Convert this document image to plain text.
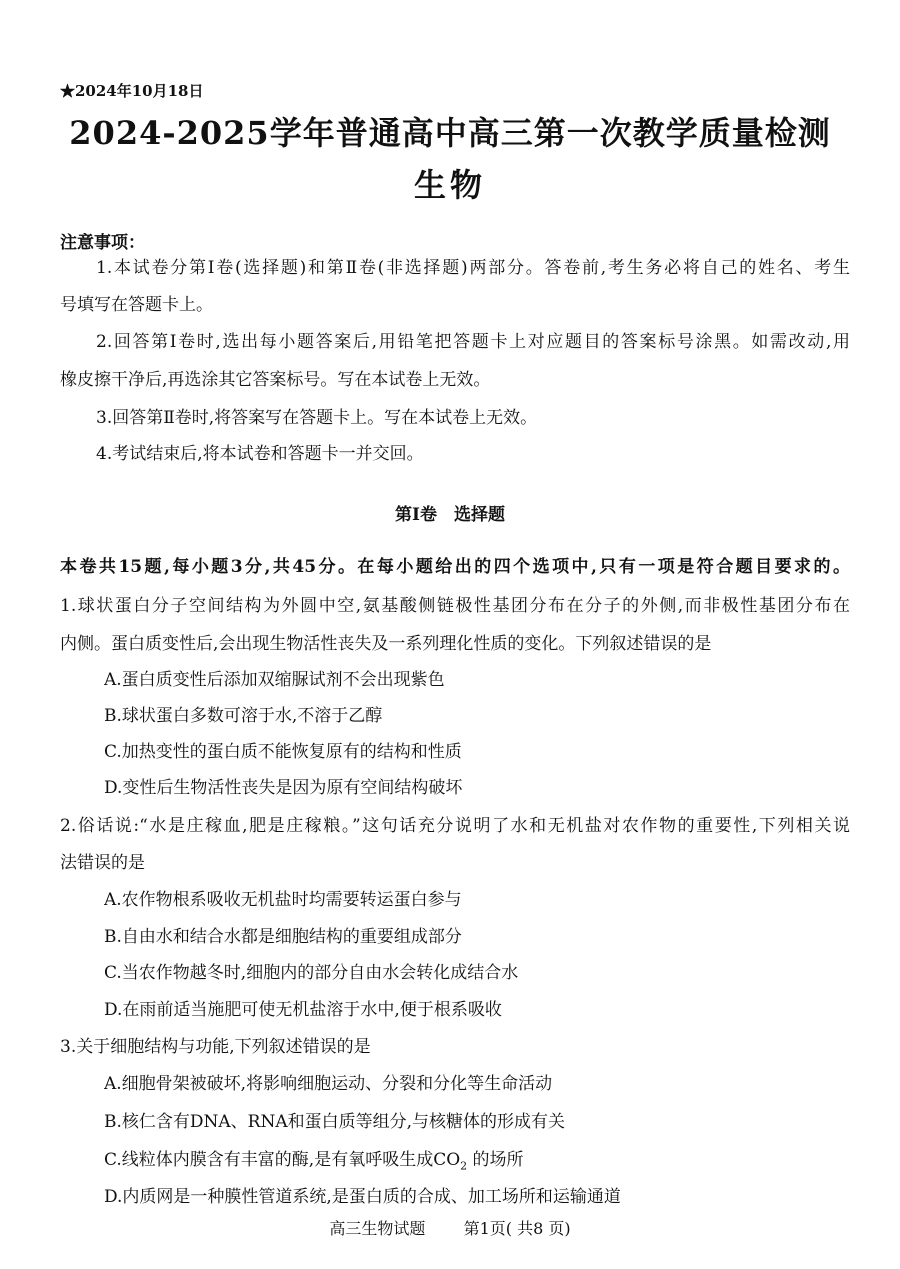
★2024年10月18日
2024-2025学年普通高中高三第一次教学质量检测
生物
注意事项：
1.本试卷分第Ⅰ卷(选择题)和第Ⅱ卷(非选择题)两部分。答卷前,考生务必将自己的姓名、考生
号填写在答题卡上。
2.回答第Ⅰ卷时,选出每小题答案后,用铅笔把答题卡上对应题目的答案标号涂黑。如需改动,用
橡皮擦干净后,再选涂其它答案标号。写在本试卷上无效。
3.回答第Ⅱ卷时,将答案写在答题卡上。写在本试卷上无效。
4.考试结束后,将本试卷和答题卡一并交回。
第Ⅰ卷　选择题
本卷共15题,每小题3分,共45分。在每小题给出的四个选项中,只有一项是符合题目要求的。
1.球状蛋白分子空间结构为外圆中空,氨基酸侧链极性基团分布在分子的外侧,而非极性基团分布在
内侧。蛋白质变性后,会出现生物活性丧失及一系列理化性质的变化。下列叙述错误的是
A.蛋白质变性后添加双缩脲试剂不会出现紫色
B.球状蛋白多数可溶于水,不溶于乙醇
C.加热变性的蛋白质不能恢复原有的结构和性质
D.变性后生物活性丧失是因为原有空间结构破坏
2.俗话说:“水是庄稼血,肥是庄稼粮。”这句话充分说明了水和无机盐对农作物的重要性,下列相关说
法错误的是
A.农作物根系吸收无机盐时均需要转运蛋白参与
B.自由水和结合水都是细胞结构的重要组成部分
C.当农作物越冬时,细胞内的部分自由水会转化成结合水
D.在雨前适当施肥可使无机盐溶于水中,便于根系吸收
3.关于细胞结构与功能,下列叙述错误的是
A.细胞骨架被破坏,将影响细胞运动、分裂和分化等生命活动
B.核仁含有DNA、RNA和蛋白质等组分,与核糖体的形成有关
C.线粒体内膜含有丰富的酶,是有氧呼吸生成$CO_2$ 的场所
D.内质网是一种膜性管道系统,是蛋白质的合成、加工场所和运输通道
高三生物试题 第1页( 共8 页)
